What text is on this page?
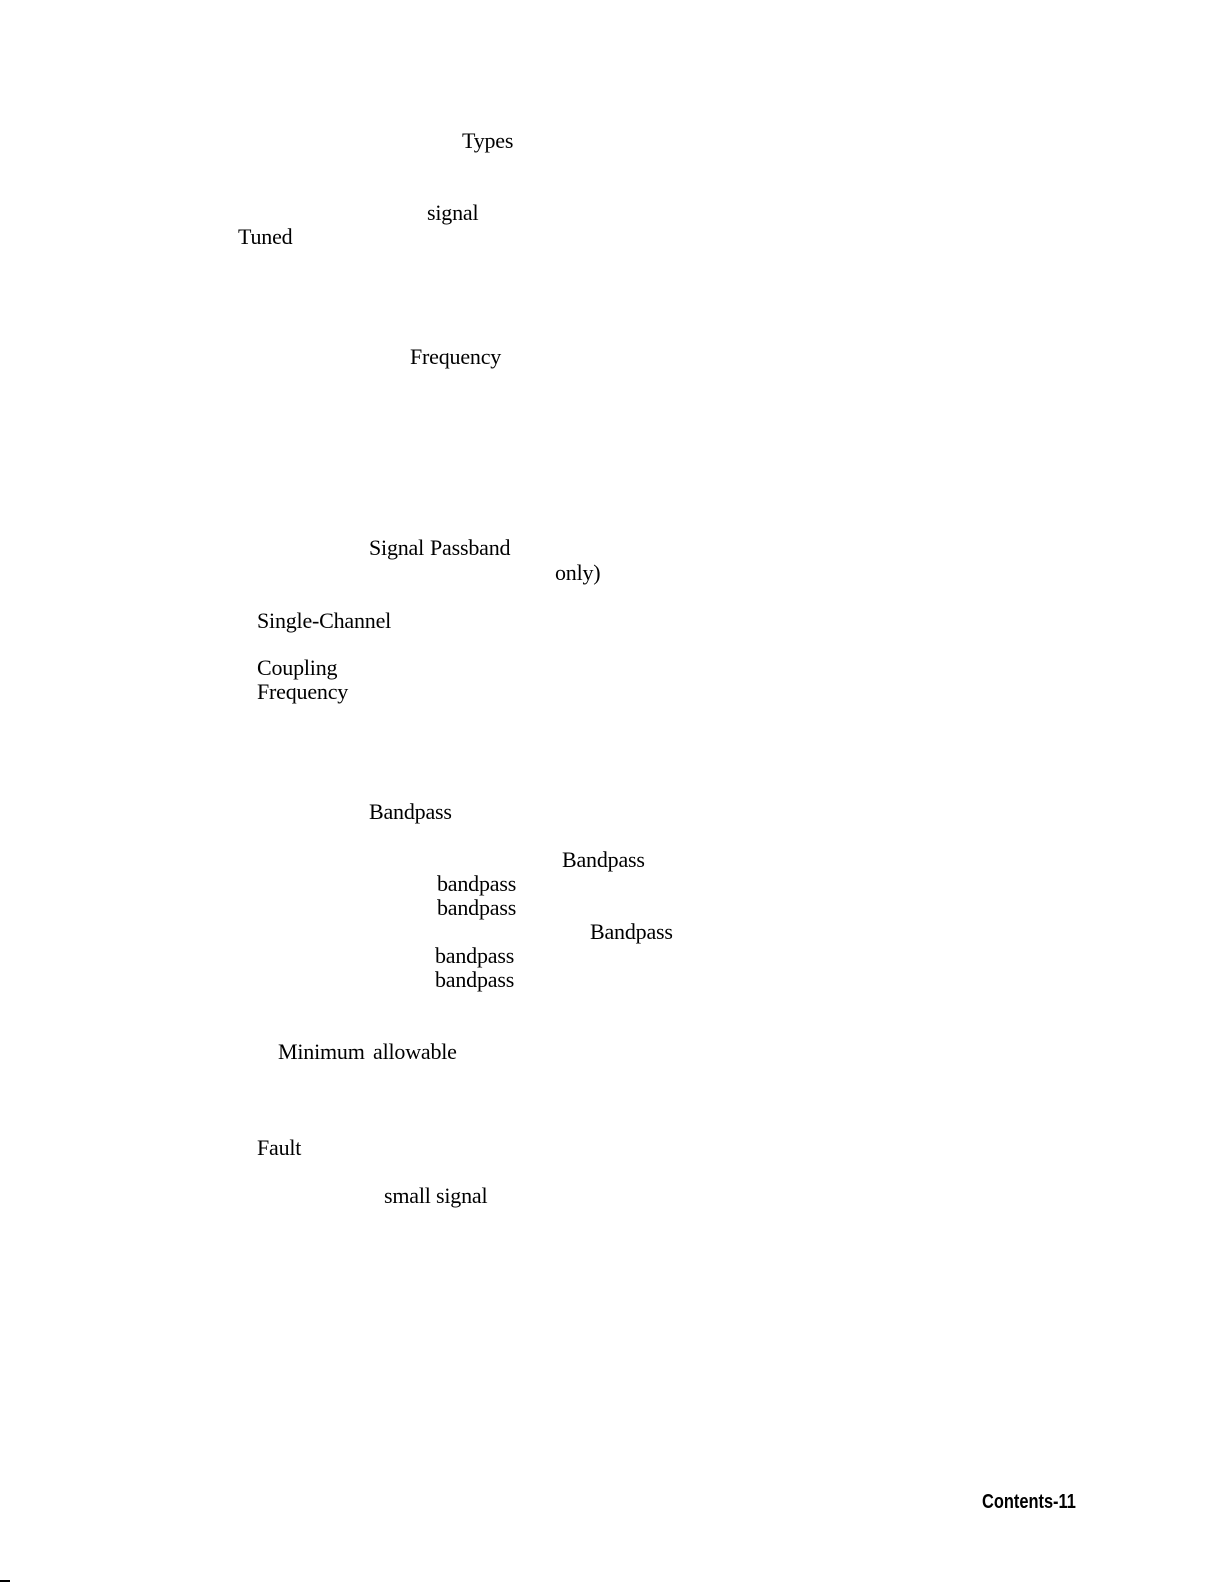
Types
signal
Tuned
Frequency
Signal Passband
only)
Single-Channel
Coupling
Frequency
Bandpass
Bandpass
bandpass
bandpass
Bandpass
bandpass
bandpass
Minimum allowable
Fault
small signal
Contents-11
